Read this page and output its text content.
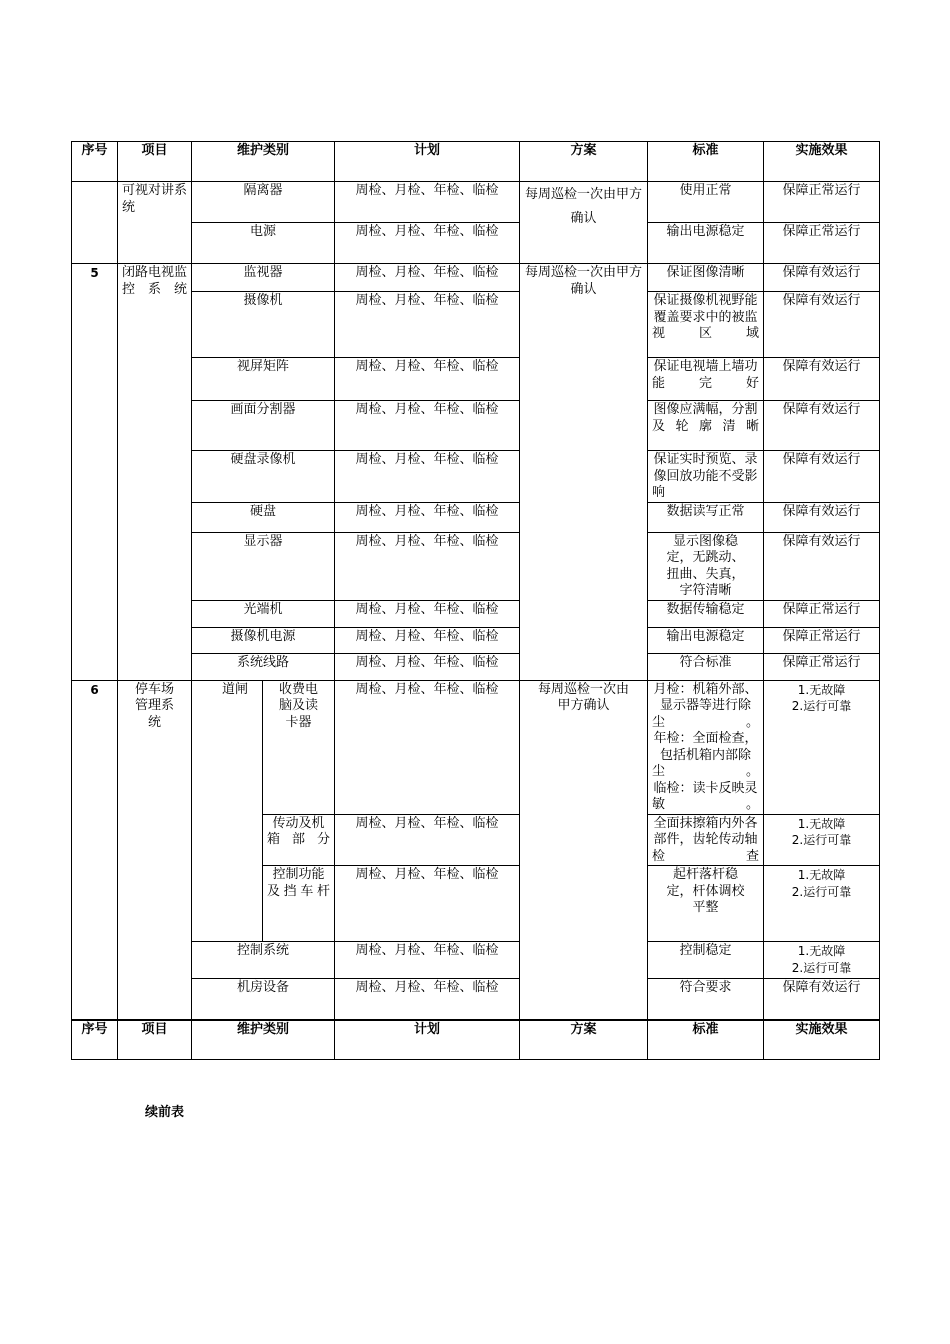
序号	项目	维护类别		计划	方案	标准	实施效果
	可视对讲系统	隔离器		周检、月检、年检、临检	每周巡检一次由甲方确认	使用正常	保障正常运行
		电源		周检、月检、年检、临检		输出电源稳定	保障正常运行
5	闭路电视监控系统	监视器		周检、月检、年检、临检	每周巡检一次由甲方确认	保证图像清晰	保障有效运行
		摄像机		周检、月检、年检、临检		保证摄像机视野能覆盖要求中的被监视区域	保障有效运行
		视屏矩阵		周检、月检、年检、临检		保证电视墙上墙功能完好	保障有效运行
		画面分割器		周检、月检、年检、临检		图像应满幅，分割及轮廓清晰	保障有效运行
		硬盘录像机		周检、月检、年检、临检		保证实时预览、录像回放功能不受影响	保障有效运行
		硬盘		周检、月检、年检、临检		数据读写正常	保障有效运行
		显示器		周检、月检、年检、临检		显示图像稳
定，无跳动、
扭曲、失真，
字符清晰	保障有效运行
		光端机		周检、月检、年检、临检		数据传输稳定	保障正常运行
		摄像机电源		周检、月检、年检、临检		输出电源稳定	保障正常运行
		系统线路		周检、月检、年检、临检		符合标准	保障正常运行
6	停车场
管理系
统	道闸	收费电
脑及读
卡器	周检、月检、年检、临检	每周巡检一次由
甲方确认	月检：机箱外部、显示器等进行除尘。
年检：全面检查，包括机箱内部除尘。
临检：读卡反映灵敏。	1.无故障
2.运行可靠
			传动及机箱部分	周检、月检、年检、临检		全面抹擦箱内外各部件，齿轮传动轴检查	1.无故障
2.运行可靠
			控制功能及挡车杆	周检、月检、年检、临检		起杆落杆稳
定，杆体调校
平整	1.无故障
2.运行可靠
		控制系统		周检、月检、年检、临检		控制稳定	1.无故障
2.运行可靠
		机房设备		周检、月检、年检、临检		符合要求	保障有效运行
序号	项目	维护类别		计划	方案	标准	实施效果
续前表
